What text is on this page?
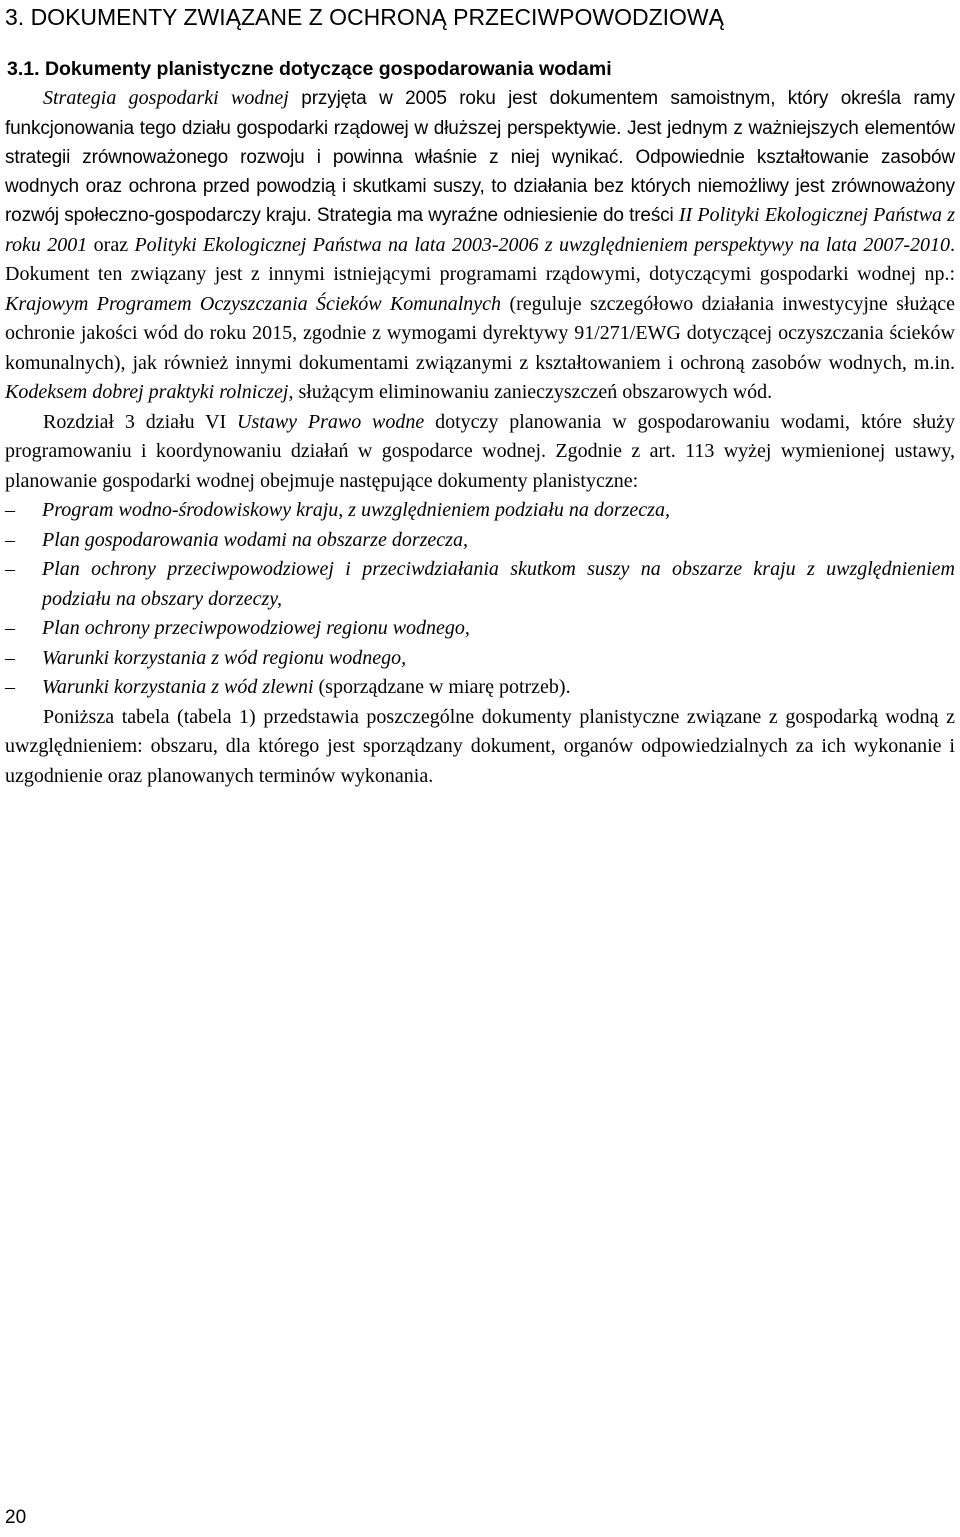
3. DOKUMENTY ZWIĄZANE Z OCHRONĄ PRZECIWPOWODZIOWĄ
3.1. Dokumenty planistyczne dotyczące gospodarowania wodami

Strategia gospodarki wodnej przyjęta w 2005 roku jest dokumentem samoistnym, który określa ramy funkcjonowania tego działu gospodarki rządowej w dłuższej perspektywie. Jest jednym z ważniejszych elementów strategii zrównoważonego rozwoju i powinna właśnie z niej wynikać. Odpowiednie kształtowanie zasobów wodnych oraz ochrona przed powodzią i skutkami suszy, to działania bez których niemożliwy jest zrównoważony rozwój społeczno-gospodarczy kraju. Strategia ma wyraźne odniesienie do treści II Polityki Ekologicznej Państwa z roku 2001 oraz Polityki Ekologicznej Państwa na lata 2003-2006 z uwzględnieniem perspektywy na lata 2007-2010. Dokument ten związany jest z innymi istniejącymi programami rządowymi, dotyczącymi gospodarki wodnej np.: Krajowym Programem Oczyszczania Ścieków Komunalnych (reguluje szczegółowo działania inwestycyjne służące ochronie jakości wód do roku 2015, zgodnie z wymogami dyrektywy 91/271/EWG dotyczącej oczyszczania ścieków komunalnych), jak również innymi dokumentami związanymi z kształtowaniem i ochroną zasobów wodnych, m.in. Kodeksem dobrej praktyki rolniczej, służącym eliminowaniu zanieczyszczeń obszarowych wód.

Rozdział 3 działu VI Ustawy Prawo wodne dotyczy planowania w gospodarowaniu wodami, które służy programowaniu i koordynowaniu działań w gospodarce wodnej. Zgodnie z art. 113 wyżej wymienionej ustawy, planowanie gospodarki wodnej obejmuje następujące dokumenty planistyczne:

–	Program wodno-środowiskowy kraju, z uwzględnieniem podziału na dorzecza,
–	Plan gospodarowania wodami na obszarze dorzecza,
–	Plan ochrony przeciwpowodziowej i przeciwdziałania skutkom suszy na obszarze kraju z uwzględnieniem podziału na obszary dorzeczy,
–	Plan ochrony przeciwpowodziowej regionu wodnego,
–	Warunki korzystania z wód regionu wodnego,
–	Warunki korzystania z wód zlewni (sporządzane w miarę potrzeb).

Poniższa tabela (tabela 1) przedstawia poszczególne dokumenty planistyczne związane z gospodarką wodną z uwzględnieniem: obszaru, dla którego jest sporządzany dokument, organów odpowiedzialnych za ich wykonanie i uzgodnienie oraz planowanych terminów wykonania.

20
